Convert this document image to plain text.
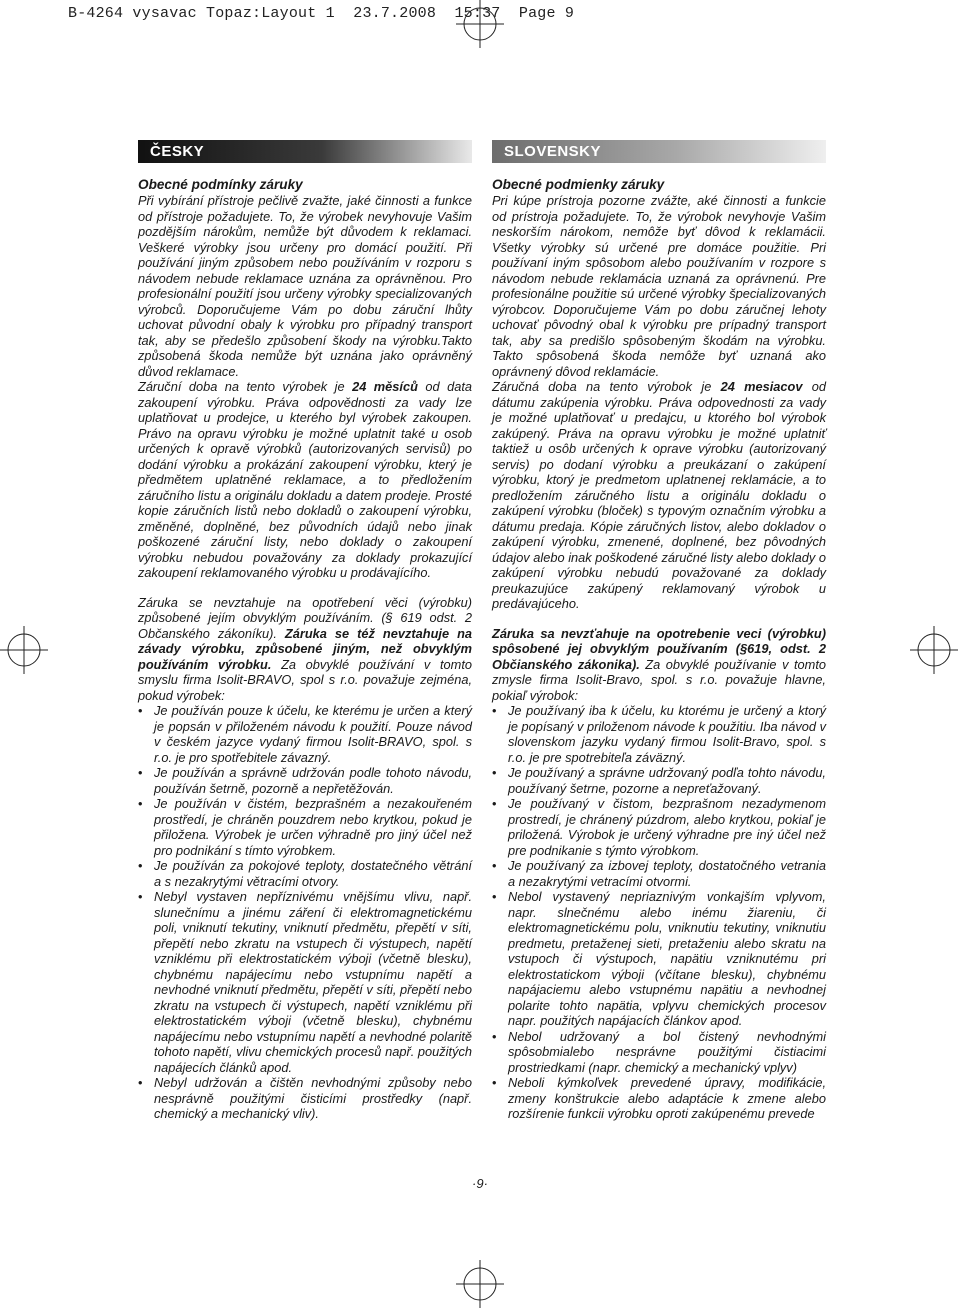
B-4264 vysavac Topaz:Layout 1  23.7.2008  15:37  Page 9
ČESKY
Obecné podmínky záruky

Při vybírání přístroje pečlivě zvažte, jaké činnosti a funkce od přístroje požadujete. To, že výrobek nevyhovuje Vašim pozdějším nárokům, nemůže být důvodem k reklamaci. Veškeré výrobky jsou určeny pro domácí použití. Při používání jiným způsobem nebo používáním v rozporu s návodem nebude reklamace uznána za oprávněnou. Pro profesionální použití jsou určeny výrobky specializovaných výrobců. Doporučujeme Vám po dobu záruční lhůty uchovat původní obaly k výrobku pro případný transport tak, aby se předešlo způsobení škody na výrobku.Takto způsobená škoda nemůže být uznána jako oprávněný důvod reklamace.

Záruční doba na tento výrobek je 24 měsíců od data zakoupení výrobku. Práva odpovědnosti za vady lze uplatňovat u prodejce, u kterého byl výrobek zakoupen. Právo na opravu výrobku je možné uplatnit také u osob určených k opravě výrobků (autorizovaných servisů) po dodání výrobku a prokázání zakoupení výrobku, který je předmětem uplatněné reklamace, a to předložením záručního listu a originálu dokladu a datem prodeje. Prosté kopie záručních listů nebo dokladů o zakoupení výrobku, změněné, doplněné, bez původních údajů nebo jinak poškozené záruční listy, nebo doklady o zakoupení výrobku nebudou považovány za doklady prokazující zakoupení reklamovaného výrobku u prodávajícího.

Záruka se nevztahuje na opotřebení věci (výrobku) způsobené jejím obvyklým používáním. (§ 619 odst. 2 Občanského zákoníku). Záruka se též nevztahuje na závady výrobku, způsobené jiným, než obvyklým používáním výrobku. Za obvyklé používání v tomto smyslu firma Isolit-BRAVO, spol s r.o. považuje zejména, pokud výrobek:

• Je používán pouze k účelu, ke kterému je určen a který je popsán v přiloženém návodu k použití. Pouze návod v českém jazyce vydaný firmou Isolit-BRAVO, spol. s r.o. je pro spotřebitele závazný.
• Je používán a správně udržován podle tohoto návodu, používán šetrně, pozorně a nepřetěžován.
• Je používán v čistém, bezprašném a nezakouřeném prostředí, je chráněn pouzdrem nebo krytkou, pokud je přiložena. Výrobek je určen výhradně pro jiný účel než pro podnikání s tímto výrobkem.
• Je používán za pokojové teploty, dostatečného větrání a s nezakrytými větracími otvory.
• Nebyl vystaven nepříznivému vnějšímu vlivu, např. slunečnímu a jinému záření či elektromagnetickému poli, vniknutí tekutiny, vniknutí předmětu, přepětí v síti, přepětí nebo zkratu na vstupech či výstupech, napětí vzniklému při elektrostatickém výboji (včetně blesku), chybnému napájecímu nebo vstupnímu napětí a nevhodné vniknutí předmětu, přepětí v síti, přepětí nebo zkratu na vstupech či výstupech, napětí vzniklému při elektrostatickém výboji (včetně blesku), chybnému napájecímu nebo vstupnímu napětí a nevhodné polaritě tohoto napětí, vlivu chemických procesů např. použitých napájecích článků apod.
• Nebyl udržován a čištěn nevhodnými způsoby nebo nesprávně použitými čisticími prostředky (např. chemický a mechanický vliv).
SLOVENSKY
Obecné podmienky záruky

Pri kúpe prístroja pozorne zvážte, aké činnosti a funkcie od prístroja požadujete. To, že výrobok nevyhovje Vašim neskorším nárokom, nemôže byť dôvod k reklamácii. Všetky výrobky sú určené pre domáce použitie. Pri používaní iným spôsobom alebo používaním v rozpore s návodom nebude reklamácia uznaná za oprávnenú. Pre profesionálne použitie sú určené výrobky špecializovaných výrobcov. Doporučujeme Vám po dobu záručnej lehoty uchovať pôvodný obal k výrobku pre prípadný transport tak, aby sa predišlo spôsobeným škodám na výrobku. Takto spôsobená škoda nemôže byť uznaná ako oprávnený dôvod reklamácie.

Záručná doba na tento výrobok je 24 mesiacov od dátumu zakúpenia výrobku. Práva odpovednosti za vady je možné uplatňovať u predajcu, u ktorého bol výrobok zakúpený. Práva na opravu výrobku je možné uplatniť taktiež u osôb určených k oprave výrobku (autorizovaný servis) po dodaní výrobku a preukázaní o zakúpení výrobku, ktorý je predmetom uplatnenej reklamácie, a to predložením záručného listu a originálu dokladu o zakúpení výrobku (bloček) s typovým označním výrobku a dátumu predaja. Kópie záručných listov, alebo dokladov o zakúpení výrobku, zmenené, doplnené, bez pôvodných údajov alebo inak poškodené záručné listy alebo doklady o zakúpení výrobku nebudú považované za doklady preukazujúce zakúpený reklamovaný výrobok u predávajúceho.

Záruka sa nevzťahuje na opotrebenie veci (výrobku) spôsobené jej obvyklým používaním (§619, odst. 2 Občianského zákonika). Za obvyklé používanie v tomto zmysle firma Isolit-Bravo, spol. s r.o. považuje hlavne, pokiaľ výrobok:

• Je používaný iba k účelu, ku ktorému je určený a ktorý je popísaný v priloženom návode k použitiu. Iba návod v slovenskom jazyku vydaný firmou Isolit-Bravo, spol. s r.o. je pre spotrebiteľa záväzný.
• Je používaný a správne udržovaný podľa tohto návodu, používaný šetrne, pozorne a nepreťažovaný.
• Je používaný v čistom, bezprašnom nezadymenom prostredí, je chránený púzdrom, alebo krytkou, pokiaľ je priložená. Výrobok je určený výhradne pre iný účel než pre podnikanie s týmto výrobkom.
• Je používaný za izbovej teploty, dostatočného vetrania a nezakrytými vetracími otvormi.
• Nebol vystavený nepriaznivým vonkajším vplyvom, napr. slnečnému alebo inému žiareniu, či elektromagnetickému polu, vniknutiu tekutiny, vniknutiu predmetu, pretaženej sieti, pretaženiu alebo skratu na vstupoch či výstupoch, napätiu vzniknutému pri elektrostatickom výboji (včítane blesku), chybnému napájaciemu alebo vstupnému napätiu a nevhodnej polarite tohto napätia, vplyvu chemických procesov napr. použitých napájacích článkov apod.
• Nebol udržovaný a bol čistený nevhodnými spôsobmialebo nesprávne použitými čistiacimi prostriedkami (napr. chemický a mechanický vplyv)
• Neboli kýmkoľvek prevedené úpravy, modifikácie, zmeny konštrukcie alebo adaptácie k zmene alebo rozšírenie funkcii výrobku oproti zakúpenému prevede
·9·
